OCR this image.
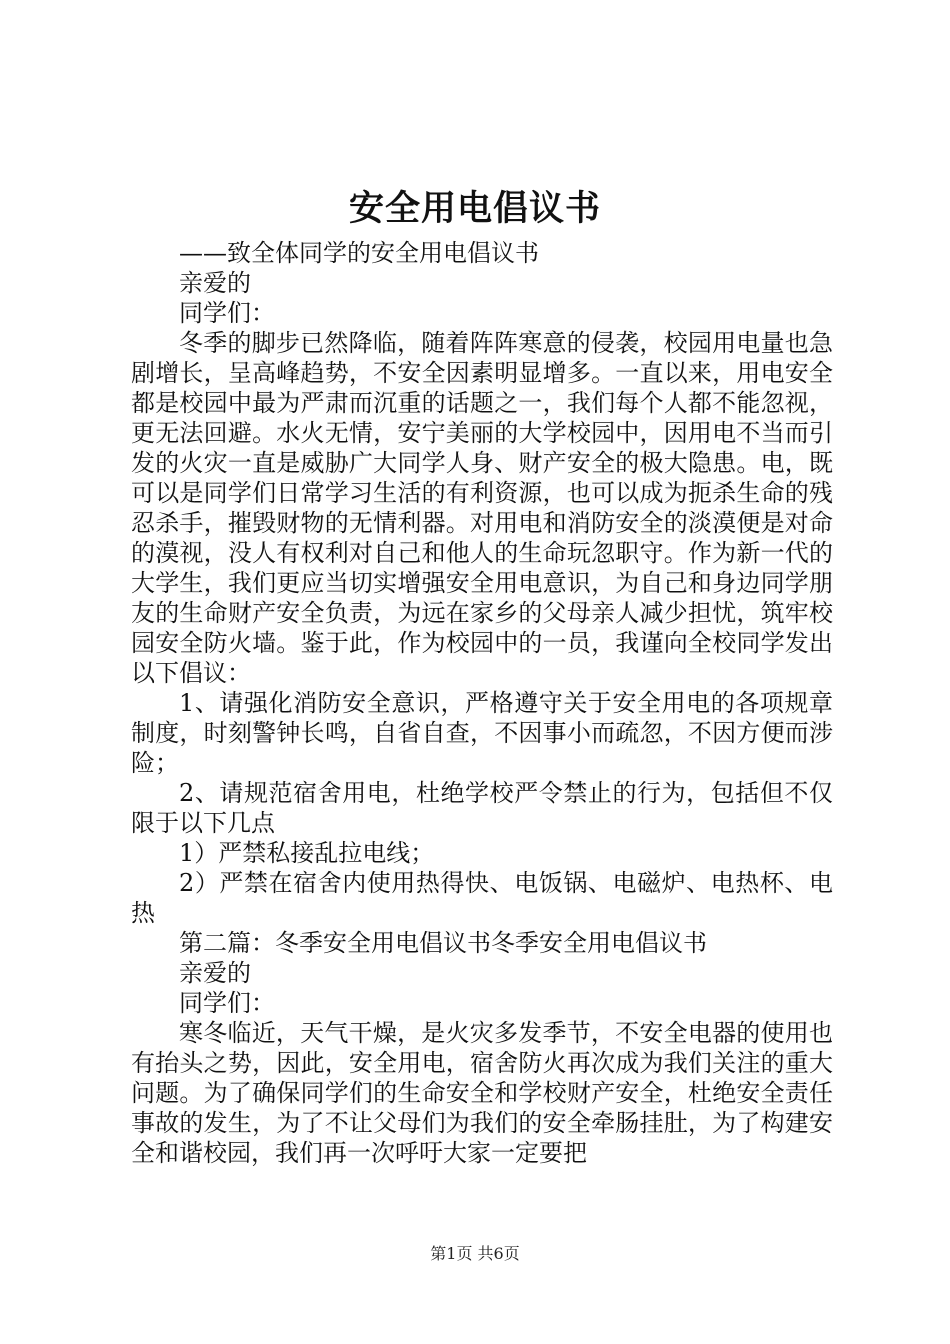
安全用电倡议书

——致全体同学的安全用电倡议书

亲爱的

同学们：

冬季的脚步已然降临，随着阵阵寒意的侵袭，校园用电量也急剧增长，呈高峰趋势，不安全因素明显增多。一直以来，用电安全都是校园中最为严肃而沉重的话题之一，我们每个人都不能忽视，更无法回避。水火无情，安宁美丽的大学校园中，因用电不当而引发的火灾一直是威胁广大同学人身、财产安全的极大隐患。电，既可以是同学们日常学习生活的有利资源，也可以成为扼杀生命的残忍杀手，摧毁财物的无情利器。对用电和消防安全的淡漠便是对命的漠视，没人有权利对自己和他人的生命玩忽职守。作为新一代的大学生，我们更应当切实增强安全用电意识，为自己和身边同学朋友的生命财产安全负责，为远在家乡的父母亲人减少担忧，筑牢校园安全防火墙。鉴于此，作为校园中的一员，我谨向全校同学发出以下倡议：

1、请强化消防安全意识，严格遵守关于安全用电的各项规章制度，时刻警钟长鸣，自省自查，不因事小而疏忽，不因方便而涉险；

2、请规范宿舍用电，杜绝学校严令禁止的行为，包括但不仅限于以下几点

1）严禁私接乱拉电线；

2）严禁在宿舍内使用热得快、电饭锅、电磁炉、电热杯、电热

第二篇：冬季安全用电倡议书冬季安全用电倡议书

亲爱的

同学们：

寒冬临近，天气干燥，是火灾多发季节，不安全电器的使用也有抬头之势，因此，安全用电，宿舍防火再次成为我们关注的重大问题。为了确保同学们的生命安全和学校财产安全，杜绝安全责任事故的发生，为了不让父母们为我们的安全牵肠挂肚，为了构建安全和谐校园，我们再一次呼吁大家一定要把

第1页 共6页
